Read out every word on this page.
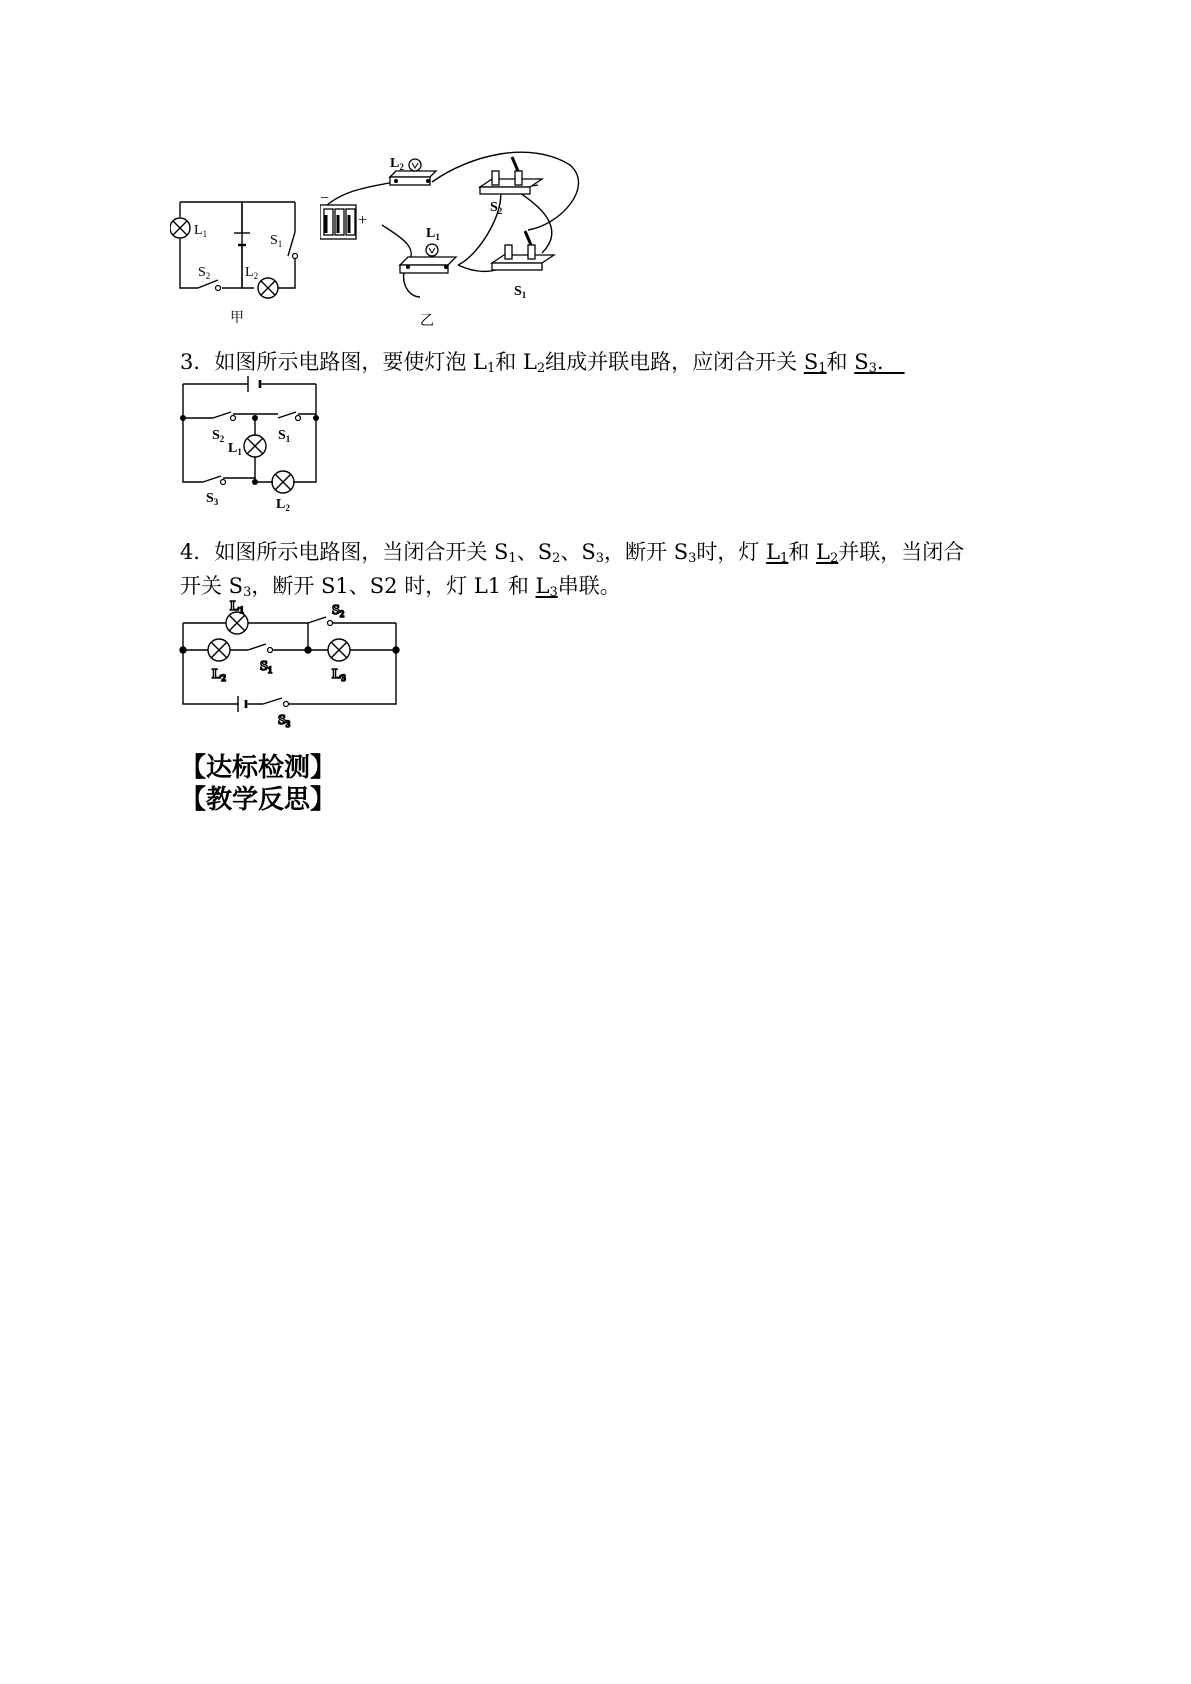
$L_1$
$L_2$
$S_1$
$S_2$
甲
−
+
$L_2$
$L_1$
$S_2$
$S_1$
乙
3．如图所示电路图，要使灯泡 $L_1$和 $L_2$组成并联电路，应闭合开关 $S_1$和 $S_3$. 
$S_2$	$S_1$
$L_1$
$S_3$	$L_2$
4．如图所示电路图，当闭合开关 $S_1$、$S_2$、$S_3$，断开 $S_3$时，灯 $L_1$和 $L_2$并联，当闭合
开关 $S_3$，断开 S1、S2 时，灯 L1 和 $L_3$串联。
$L_1$	$S_2$
$S_1$
$L_2$	$L_3$
$S_3$
【达标检测】
【教学反思】
